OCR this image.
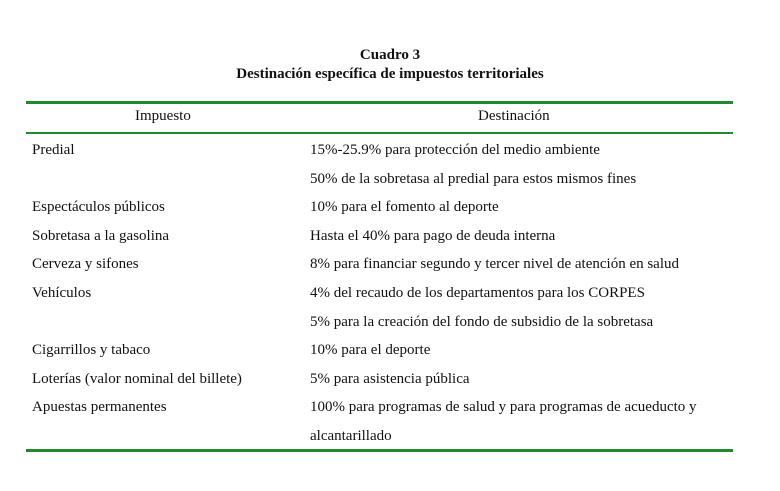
Cuadro 3
Destinación específica de impuestos territoriales
Impuesto	Destinación
Predial	15%-25.9% para protección del medio ambiente
50% de la sobretasa al predial para estos mismos fines
Espectáculos públicos	10% para el fomento al deporte
Sobretasa a la gasolina	Hasta el 40% para pago de deuda interna
Cerveza y sifones	8% para financiar segundo y tercer nivel de atención en salud
Vehículos	4% del recaudo de los departamentos para los CORPES
5% para la creación del fondo de subsidio de la sobretasa
Cigarrillos y tabaco	10% para el deporte
Loterías (valor nominal del billete)	5% para asistencia pública
Apuestas permanentes	100% para programas de salud y para programas de acueducto y alcantarillado
